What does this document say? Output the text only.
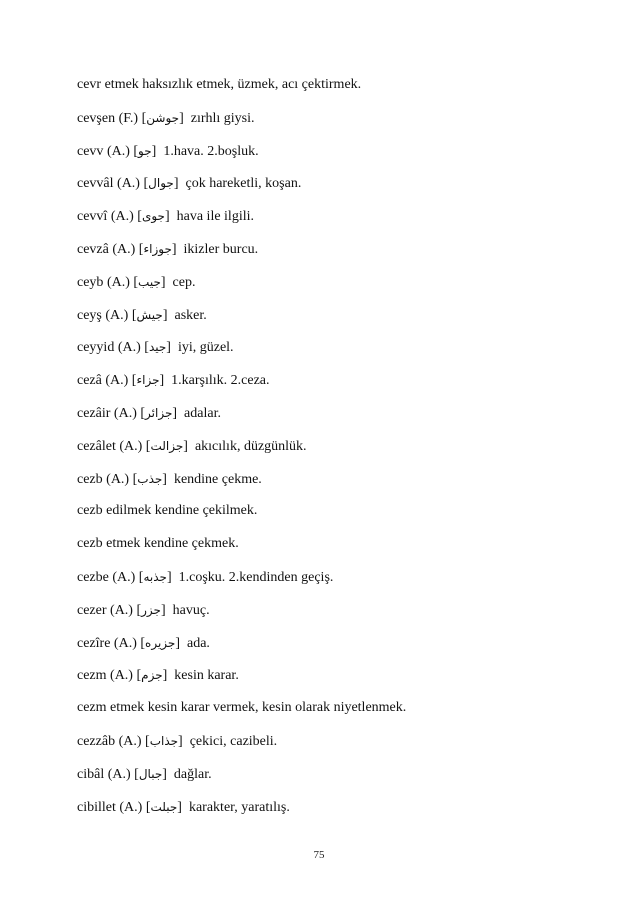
cevr etmek haksızlık etmek, üzmek, acı çektirmek.
cevşen (F.) [جوشن]  zırhlı giysi.
cevv (A.) [جو]  1.hava. 2.boşluk.
cevvâl (A.) [جوال]  çok hareketli, koşan.
cevvî (A.) [جوى]  hava ile ilgili.
cevzâ (A.) [جوزاء]  ikizler burcu.
ceyb (A.) [جيب]  cep.
ceyş (A.) [جيش]  asker.
ceyyid (A.) [جيد]  iyi, güzel.
cezâ (A.) [جزاء]  1.karşılık. 2.ceza.
cezâir (A.) [جزائر]  adalar.
cezâlet (A.) [جزالت]  akıcılık, düzgünlük.
cezb (A.) [جذب]  kendine çekme.
cezb edilmek kendine çekilmek.
cezb etmek kendine çekmek.
cezbe (A.) [جذبه]  1.coşku. 2.kendinden geçiş.
cezer (A.) [جزر]  havuç.
cezîre (A.) [جزيره]  ada.
cezm (A.) [جزم]  kesin karar.
cezm etmek kesin karar vermek, kesin olarak niyetlenmek.
cezzâb (A.) [جذاب]  çekici, cazibeli.
cibâl (A.) [جبال]  dağlar.
cibillet (A.) [جبلت]  karakter, yaratılış.
75
